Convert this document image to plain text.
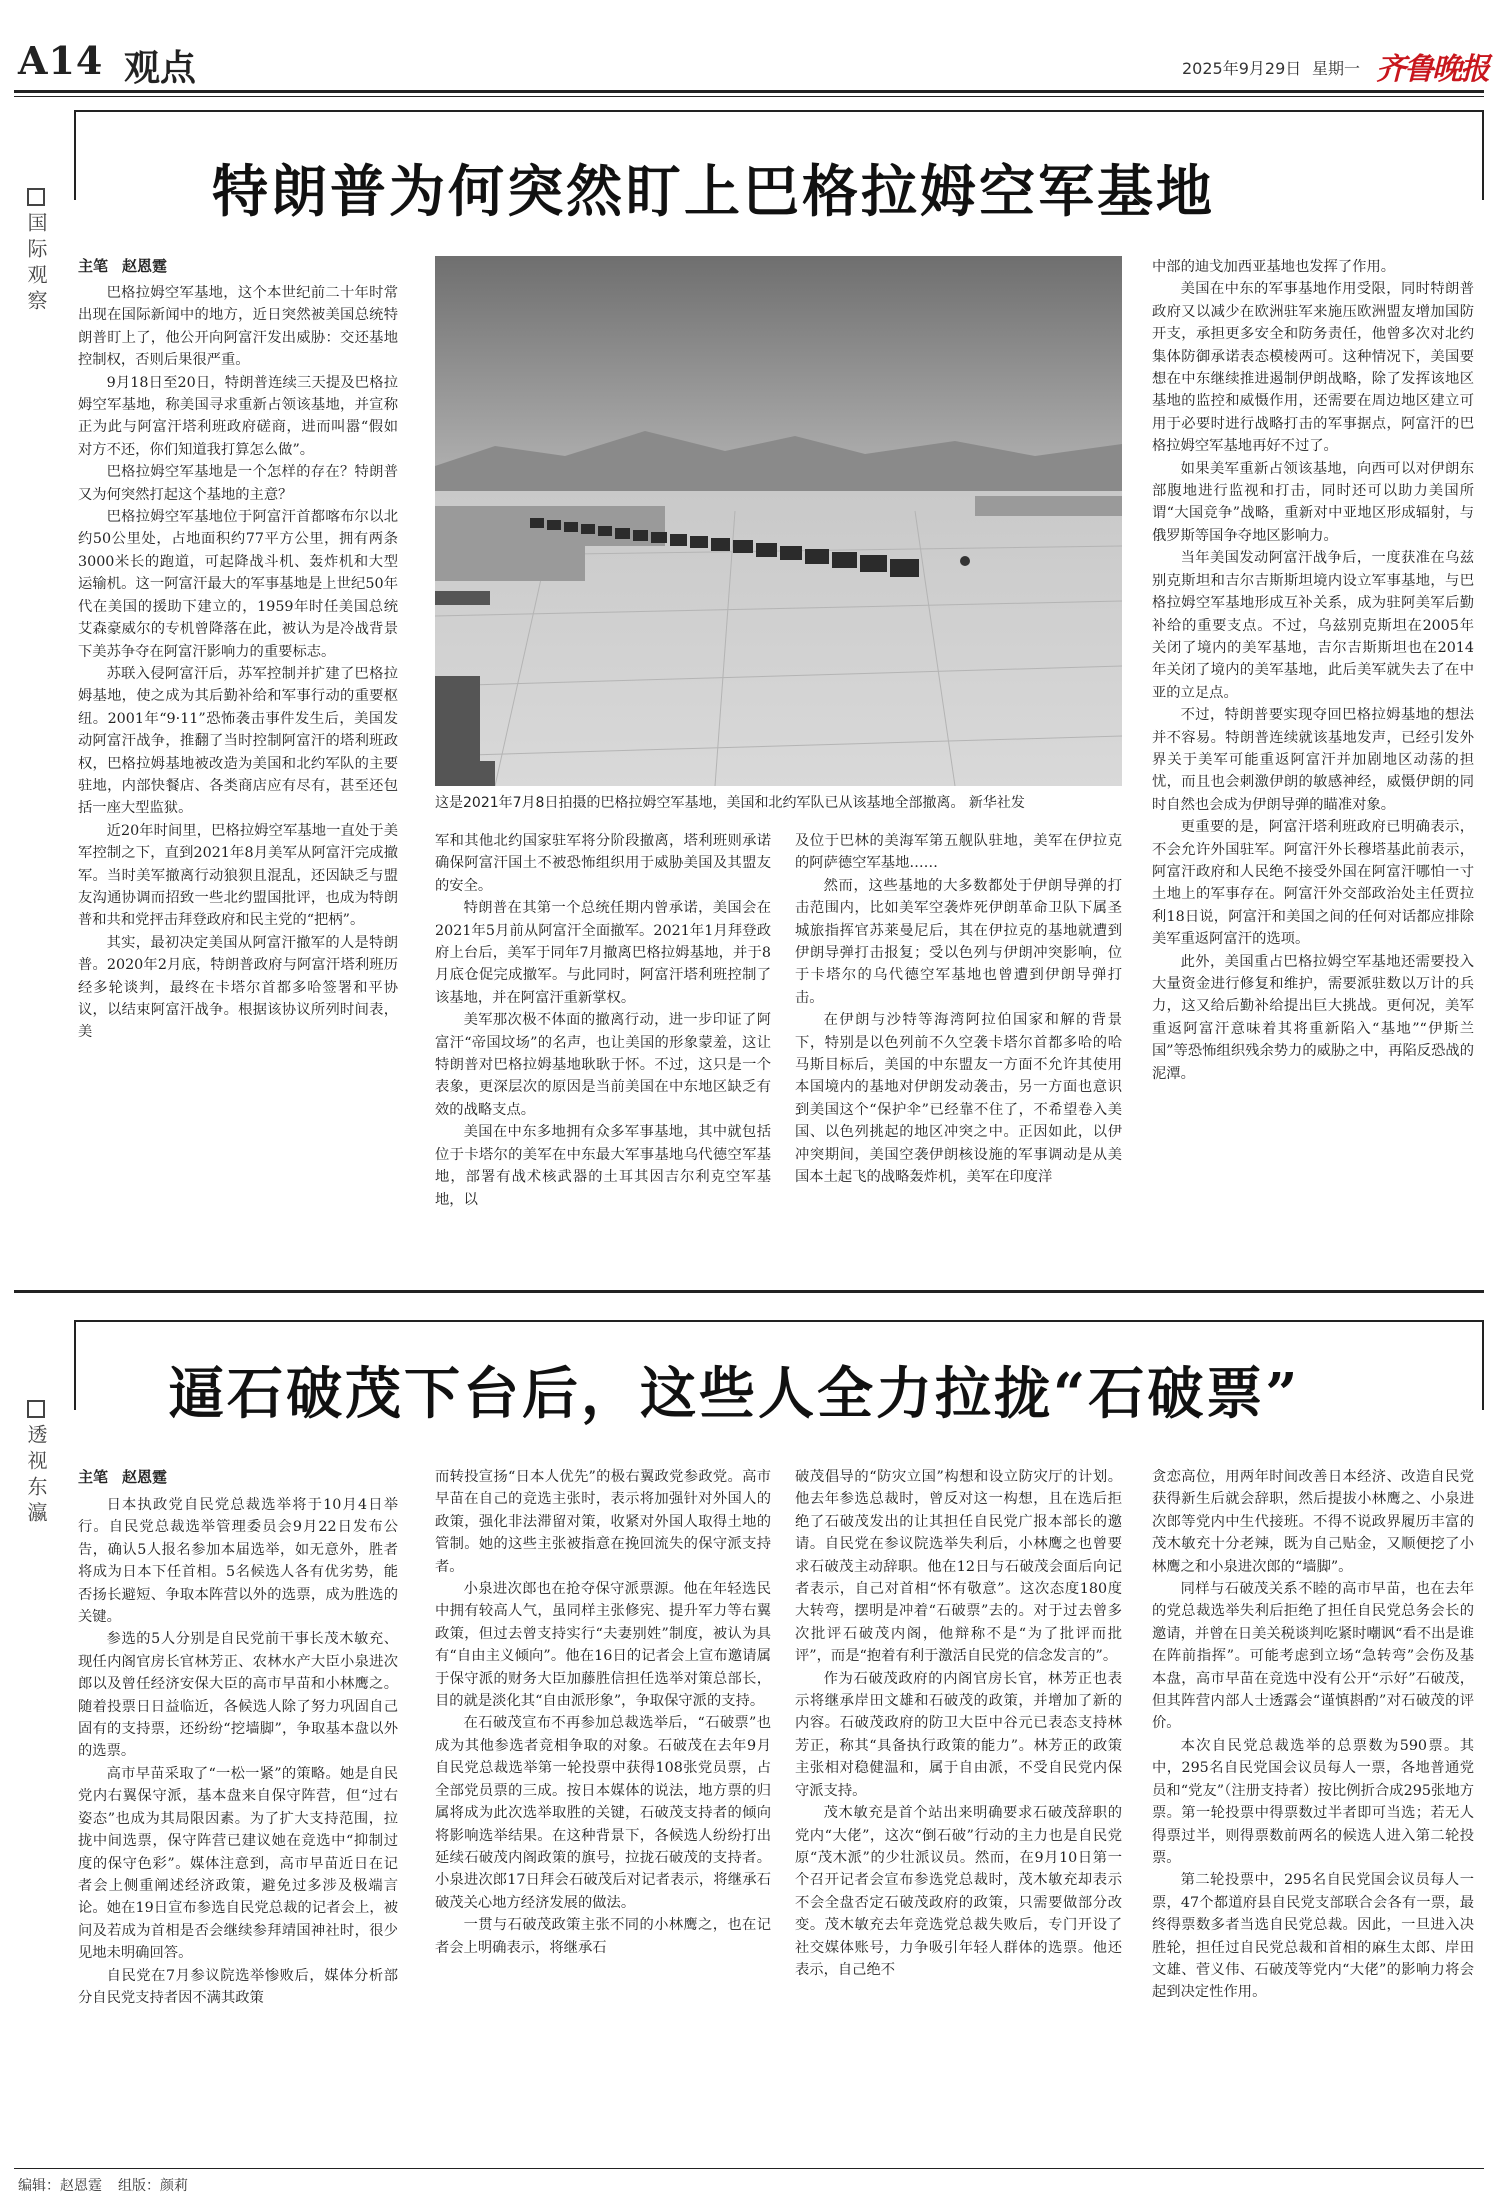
A14 观点	2025年9月29日 星期一 齐鲁晚报
特朗普为何突然盯上巴格拉姆空军基地
国际观察 主笔 赵恩霆

巴格拉姆空军基地，这个本世纪前二十年时常出现在国际新闻中的地方，近日突然被美国总统特朗普盯上了，他公开向阿富汗发出威胁：交还基地控制权，否则后果很严重。

9月18日至20日，特朗普连续三天提及巴格拉姆空军基地，称美国寻求重新占领该基地，并宣称正为此与阿富汗塔利班政府磋商，进而叫嚣“假如对方不还，你们知道我打算怎么做”。

巴格拉姆空军基地是一个怎样的存在？特朗普又为何突然打起这个基地的主意？

巴格拉姆空军基地位于阿富汗首都喀布尔以北约50公里处，占地面积约77平方公里，拥有两条3000米长的跑道，可起降战斗机、轰炸机和大型运输机。这一阿富汗最大的军事基地是上世纪50年代在美国的援助下建立的，1959年时任美国总统艾森豪威尔的专机曾降落在此，被认为是冷战背景下美苏争夺在阿富汗影响力的重要标志。

苏联入侵阿富汗后，苏军控制并扩建了巴格拉姆基地，使之成为其后勤补给和军事行动的重要枢纽。2001年“9·11”恐怖袭击事件发生后，美国发动阿富汗战争，推翻了当时控制阿富汗的塔利班政权，巴格拉姆基地被改造为美国和北约军队的主要驻地，内部快餐店、各类商店应有尽有，甚至还包括一座大型监狱。

近20年时间里，巴格拉姆空军基地一直处于美军控制之下，直到2021年8月美军从阿富汗完成撤军。当时美军撤离行动狼狈且混乱，还因缺乏与盟友沟通协调而招致一些北约盟国批评，也成为特朗普和共和党抨击拜登政府和民主党的“把柄”。

其实，最初决定美国从阿富汗撤军的人是特朗普。2020年2月底，特朗普政府与阿富汗塔利班历经多轮谈判，最终在卡塔尔首都多哈签署和平协议，以结束阿富汗战争。根据该协议所列时间表，美

军和其他北约国家驻军将分阶段撤离，塔利班则承诺确保阿富汗国土不被恐怖组织用于威胁美国及其盟友的安全。

特朗普在其第一个总统任期内曾承诺，美国会在2021年5月前从阿富汗全面撤军。2021年1月拜登政府上台后，美军于同年7月撤离巴格拉姆基地，并于8月底仓促完成撤军。与此同时，阿富汗塔利班控制了该基地，并在阿富汗重新掌权。

美军那次极不体面的撤离行动，进一步印证了阿富汗“帝国坟场”的名声，也让美国的形象蒙羞，这让特朗普对巴格拉姆基地耿耿于怀。不过，这只是一个表象，更深层次的原因是当前美国在中东地区缺乏有效的战略支点。

美国在中东多地拥有众多军事基地，其中就包括位于卡塔尔的美军在中东最大军事基地乌代德空军基地，部署有战术核武器的土耳其因吉尔利克空军基地，以

及位于巴林的美海军第五舰队驻地，美军在伊拉克的阿萨德空军基地……

然而，这些基地的大多数都处于伊朗导弹的打击范围内，比如美军空袭炸死伊朗革命卫队下属圣城旅指挥官苏莱曼尼后，其在伊拉克的基地就遭到伊朗导弹打击报复；受以色列与伊朗冲突影响，位于卡塔尔的乌代德空军基地也曾遭到伊朗导弹打击。

在伊朗与沙特等海湾阿拉伯国家和解的背景下，特别是以色列前不久空袭卡塔尔首都多哈的哈马斯目标后，美国的中东盟友一方面不允许其使用本国境内的基地对伊朗发动袭击，另一方面也意识到美国这个“保护伞”已经靠不住了，不希望卷入美国、以色列挑起的地区冲突之中。正因如此，以伊冲突期间，美国空袭伊朗核设施的军事调动是从美国本土起飞的战略轰炸机，美军在印度洋

中部的迪戈加西亚基地也发挥了作用。

美国在中东的军事基地作用受限，同时特朗普政府又以减少在欧洲驻军来施压欧洲盟友增加国防开支，承担更多安全和防务责任，他曾多次对北约集体防御承诺表态模棱两可。这种情况下，美国要想在中东继续推进遏制伊朗战略，除了发挥该地区基地的监控和威慑作用，还需要在周边地区建立可用于必要时进行战略打击的军事据点，阿富汗的巴格拉姆空军基地再好不过了。

如果美军重新占领该基地，向西可以对伊朗东部腹地进行监视和打击，同时还可以助力美国所谓“大国竞争”战略，重新对中亚地区形成辐射，与俄罗斯等国争夺地区影响力。

当年美国发动阿富汗战争后，一度获准在乌兹别克斯坦和吉尔吉斯斯坦境内设立军事基地，与巴格拉姆空军基地形成互补关系，成为驻阿美军后勤补给的重要支点。不过，乌兹别克斯坦在2005年关闭了境内的美军基地，吉尔吉斯斯坦也在2014年关闭了境内的美军基地，此后美军就失去了在中亚的立足点。

不过，特朗普要实现夺回巴格拉姆基地的想法并不容易。特朗普连续就该基地发声，已经引发外界关于美军可能重返阿富汗并加剧地区动荡的担忧，而且也会刺激伊朗的敏感神经，威慑伊朗的同时自然也会成为伊朗导弹的瞄准对象。

更重要的是，阿富汗塔利班政府已明确表示，不会允许外国驻军。阿富汗外长穆塔基此前表示，阿富汗政府和人民绝不接受外国在阿富汗哪怕一寸土地上的军事存在。阿富汗外交部政治处主任贾拉利18日说，阿富汗和美国之间的任何对话都应排除美军重返阿富汗的选项。

此外，美国重占巴格拉姆空军基地还需要投入大量资金进行修复和维护，需要派驻数以万计的兵力，这又给后勤补给提出巨大挑战。更何况，美军重返阿富汗意味着其将重新陷入“基地”“伊斯兰国”等恐怖组织残余势力的威胁之中，再陷反恐战的泥潭。

这是2021年7月8日拍摄的巴格拉姆空军基地，美国和北约军队已从该基地全部撤离。 新华社发
逼石破茂下台后，这些人全力拉拢“石破票”
透视东瀛 主笔 赵恩霆

日本执政党自民党总裁选举将于10月4日举行。自民党总裁选举管理委员会9月22日发布公告，确认5人报名参加本届选举，如无意外，胜者将成为日本下任首相。5名候选人各有优劣势，能否扬长避短、争取本阵营以外的选票，成为胜选的关键。

参选的5人分别是自民党前干事长茂木敏充、现任内阁官房长官林芳正、农林水产大臣小泉进次郎以及曾任经济安保大臣的高市早苗和小林鹰之。随着投票日日益临近，各候选人除了努力巩固自己固有的支持票，还纷纷“挖墙脚”，争取基本盘以外的选票。

高市早苗采取了“一松一紧”的策略。她是自民党内右翼保守派，基本盘来自保守阵营，但“过右姿态”也成为其局限因素。为了扩大支持范围，拉拢中间选票，保守阵营已建议她在竞选中“抑制过度的保守色彩”。媒体注意到，高市早苗近日在记者会上侧重阐述经济政策，避免过多涉及极端言论。她在19日宣布参选自民党总裁的记者会上，被问及若成为首相是否会继续参拜靖国神社时，很少见地未明确回答。

自民党在7月参议院选举惨败后，媒体分析部分自民党支持者因不满其政策

而转投宣扬“日本人优先”的极右翼政党参政党。高市早苗在自己的竞选主张时，表示将加强针对外国人的政策，强化非法滞留对策，收紧对外国人取得土地的管制。她的这些主张被指意在挽回流失的保守派支持者。

小泉进次郎也在抢夺保守派票源。他在年轻选民中拥有较高人气，虽同样主张修宪、提升军力等右翼政策，但过去曾支持实行“夫妻别姓”制度，被认为具有“自由主义倾向”。他在16日的记者会上宣布邀请属于保守派的财务大臣加藤胜信担任选举对策总部长，目的就是淡化其“自由派形象”，争取保守派的支持。

在石破茂宣布不再参加总裁选举后，“石破票”也成为其他参选者竞相争取的对象。石破茂在去年9月自民党总裁选举第一轮投票中获得108张党员票，占全部党员票的三成。按日本媒体的说法，地方票的归属将成为此次选举取胜的关键，石破茂支持者的倾向将影响选举结果。在这种背景下，各候选人纷纷打出延续石破茂内阁政策的旗号，拉拢石破茂的支持者。小泉进次郎17日拜会石破茂后对记者表示，将继承石破茂关心地方经济发展的做法。

一贯与石破茂政策主张不同的小林鹰之，也在记者会上明确表示，将继承石

破茂倡导的“防灾立国”构想和设立防灾厅的计划。他去年参选总裁时，曾反对这一构想，且在选后拒绝了石破茂发出的让其担任自民党广报本部长的邀请。自民党在参议院选举失利后，小林鹰之也曾要求石破茂主动辞职。他在12日与石破茂会面后向记者表示，自己对首相“怀有敬意”。这次态度180度大转弯，摆明是冲着“石破票”去的。对于过去曾多次批评石破茂内阁，他辩称不是“为了批评而批评”，而是“抱着有利于激活自民党的信念发言的”。

作为石破茂政府的内阁官房长官，林芳正也表示将继承岸田文雄和石破茂的政策，并增加了新的内容。石破茂政府的防卫大臣中谷元已表态支持林芳正，称其“具备执行政策的能力”。林芳正的政策主张相对稳健温和，属于自由派，不受自民党内保守派支持。

茂木敏充是首个站出来明确要求石破茂辞职的党内“大佬”，这次“倒石破”行动的主力也是自民党原“茂木派”的少壮派议员。然而，在9月10日第一个召开记者会宣布参选党总裁时，茂木敏充却表示不会全盘否定石破茂政府的政策，只需要做部分改变。茂木敏充去年竞选党总裁失败后，专门开设了社交媒体账号，力争吸引年轻人群体的选票。他还表示，自己绝不

贪恋高位，用两年时间改善日本经济、改造自民党获得新生后就会辞职，然后提拔小林鹰之、小泉进次郎等党内中生代接班。不得不说政界履历丰富的茂木敏充十分老辣，既为自己贴金，又顺便挖了小林鹰之和小泉进次郎的“墙脚”。

同样与石破茂关系不睦的高市早苗，也在去年的党总裁选举失利后拒绝了担任自民党总务会长的邀请，并曾在日美关税谈判吃紧时嘲讽“看不出是谁在阵前指挥”。可能考虑到立场“急转弯”会伤及基本盘，高市早苗在竞选中没有公开“示好”石破茂，但其阵营内部人士透露会“谨慎斟酌”对石破茂的评价。

本次自民党总裁选举的总票数为590票。其中，295名自民党国会议员每人一票，各地普通党员和“党友”（注册支持者）按比例折合成295张地方票。第一轮投票中得票数过半者即可当选；若无人得票过半，则得票数前两名的候选人进入第二轮投票。

第二轮投票中，295名自民党国会议员每人一票，47个都道府县自民党支部联合会各有一票，最终得票数多者当选自民党总裁。因此，一旦进入决胜轮，担任过自民党总裁和首相的麻生太郎、岸田文雄、菅义伟、石破茂等党内“大佬”的影响力将会起到决定性作用。

编辑：赵恩霆 组版：颜莉
